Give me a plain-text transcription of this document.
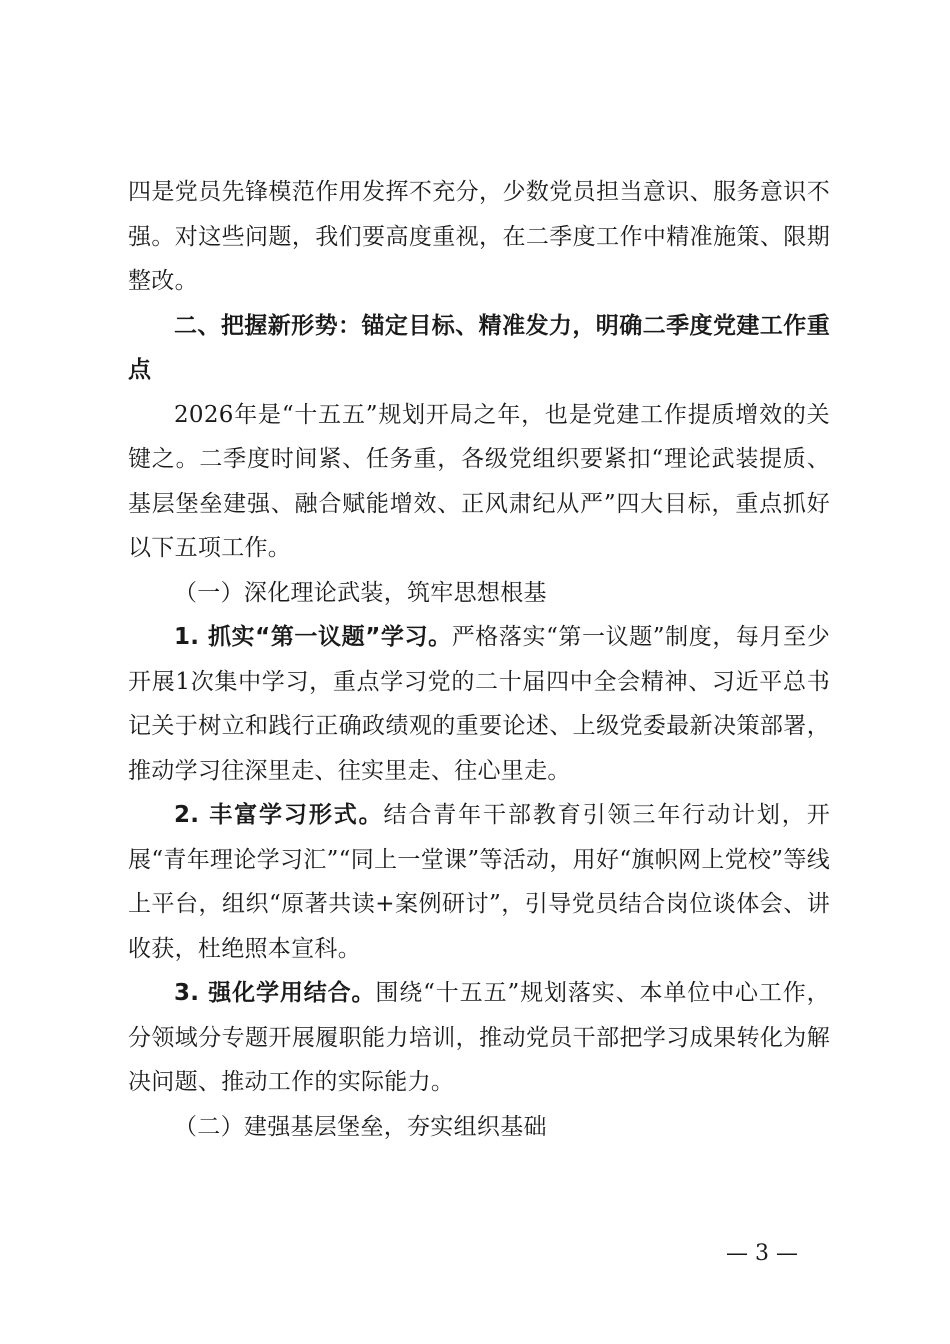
四是党员先锋模范作用发挥不充分，少数党员担当意识、服务意识不强。对这些问题，我们要高度重视，在二季度工作中精准施策、限期整改。

二、把握新形势：锚定目标、精准发力，明确二季度党建工作重点

2026年是“十五五”规划开局之年，也是党建工作提质增效的关键之。二季度时间紧、任务重，各级党组织要紧扣“理论武装提质、基层堡垒建强、融合赋能增效、正风肃纪从严”四大目标，重点抓好以下五项工作。

（一）深化理论武装，筑牢思想根基

1. 抓实“第一议题”学习。严格落实“第一议题”制度，每月至少开展1次集中学习，重点学习党的二十届四中全会精神、习近平总书记关于树立和践行正确政绩观的重要论述、上级党委最新决策部署，推动学习往深里走、往实里走、往心里走。

2. 丰富学习形式。结合青年干部教育引领三年行动计划，开展“青年理论学习汇”“同上一堂课”等活动，用好“旗帜网上党校”等线上平台，组织“原著共读+案例研讨”，引导党员结合岗位谈体会、讲收获，杜绝照本宣科。

3. 强化学用结合。围绕“十五五”规划落实、本单位中心工作，分领域分专题开展履职能力培训，推动党员干部把学习成果转化为解决问题、推动工作的实际能力。

（二）建强基层堡垒，夯实组织基础

— 3 —
